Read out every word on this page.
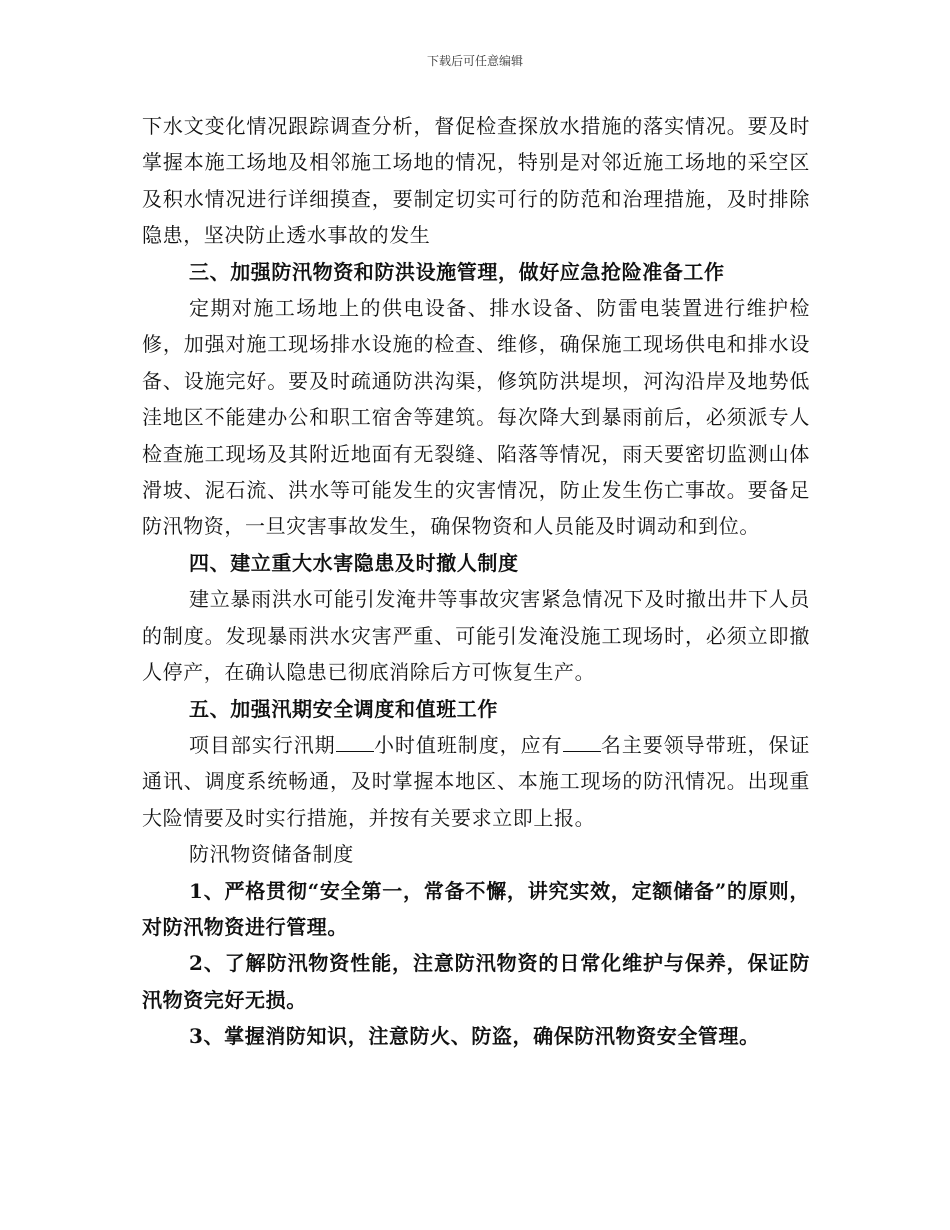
下载后可任意编辑

下水文变化情况跟踪调查分析，督促检查探放水措施的落实情况。要及时掌握本施工场地及相邻施工场地的情况，特别是对邻近施工场地的采空区及积水情况进行详细摸查，要制定切实可行的防范和治理措施，及时排除隐患，坚决防止透水事故的发生

三、加强防汛物资和防洪设施管理，做好应急抢险准备工作

定期对施工场地上的供电设备、排水设备、防雷电装置进行维护检修，加强对施工现场排水设施的检查、维修，确保施工现场供电和排水设备、设施完好。要及时疏通防洪沟渠，修筑防洪堤坝，河沟沿岸及地势低洼地区不能建办公和职工宿舍等建筑。每次降大到暴雨前后，必须派专人检查施工现场及其附近地面有无裂缝、陷落等情况，雨天要密切监测山体滑坡、泥石流、洪水等可能发生的灾害情况，防止发生伤亡事故。要备足防汛物资，一旦灾害事故发生，确保物资和人员能及时调动和到位。

四、建立重大水害隐患及时撤人制度

建立暴雨洪水可能引发淹井等事故灾害紧急情况下及时撤出井下人员的制度。发现暴雨洪水灾害严重、可能引发淹没施工现场时，必须立即撤人停产，在确认隐患已彻底消除后方可恢复生产。

五、加强汛期安全调度和值班工作

项目部实行汛期 小时值班制度，应有 名主要领导带班，保证通讯、调度系统畅通，及时掌握本地区、本施工现场的防汛情况。出现重大险情要及时实行措施，并按有关要求立即上报。

防汛物资储备制度

1、严格贯彻“安全第一，常备不懈，讲究实效，定额储备”的原则，对防汛物资进行管理。

2、了解防汛物资性能，注意防汛物资的日常化维护与保养，保证防汛物资完好无损。

3、掌握消防知识，注意防火、防盗，确保防汛物资安全管理。
